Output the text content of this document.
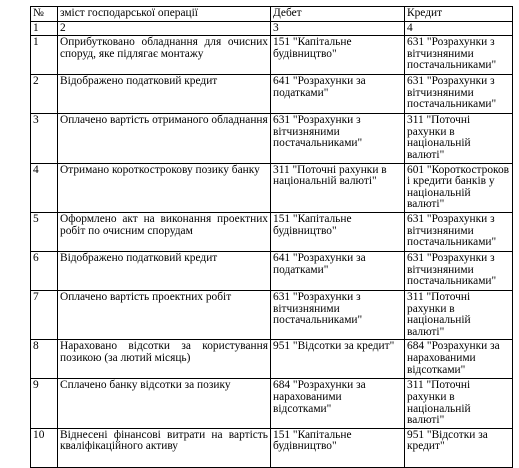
№	зміст господарської операції	Дебет	Кредит
1	2	3	4
1	Оприбутковано обладнання для очисних споруд, яке підлягає монтажу	151 "Капітальне будівництво"	631 "Розрахунки з вітчизняними постачальниками"
2	Відображено податковий кредит	641 "Розрахунки за податками"	631 "Розрахунки з вітчизняними постачальниками"
3	Оплачено вартість отриманого обладнання	631 "Розрахунки з вітчизняними постачальниками"	311 "Поточні рахунки в національній валюті"
4	Отримано короткострокову позику банку	311 "Поточні рахунки в національній валюті"	601 "Короткостроков і кредити банків у національній валюті"
5	Оформлено акт на виконання проектних робіт по очисним спорудам	151 "Капітальне будівництво"	631 "Розрахунки з вітчизняними постачальниками"
6	Відображено податковий кредит	641 "Розрахунки за податками"	631 "Розрахунки з вітчизняними постачальниками"
7	Оплачено вартість проектних робіт	631 "Розрахунки з вітчизняними постачальниками"	311 "Поточні рахунки в національній валюті"
8	Нараховано відсотки за користування позикою (за лютий місяць)	951 "Відсотки за кредит"	684 "Розрахунки за нарахованими відсотками"
9	Сплачено банку відсотки за позику	684 "Розрахунки за нарахованими відсотками"	311 "Поточні рахунки в національній валюті"
10	Віднесені фінансові витрати на вартість кваліфікаційного активу	151 "Капітальне будівництво"	951 "Відсотки за кредит"
